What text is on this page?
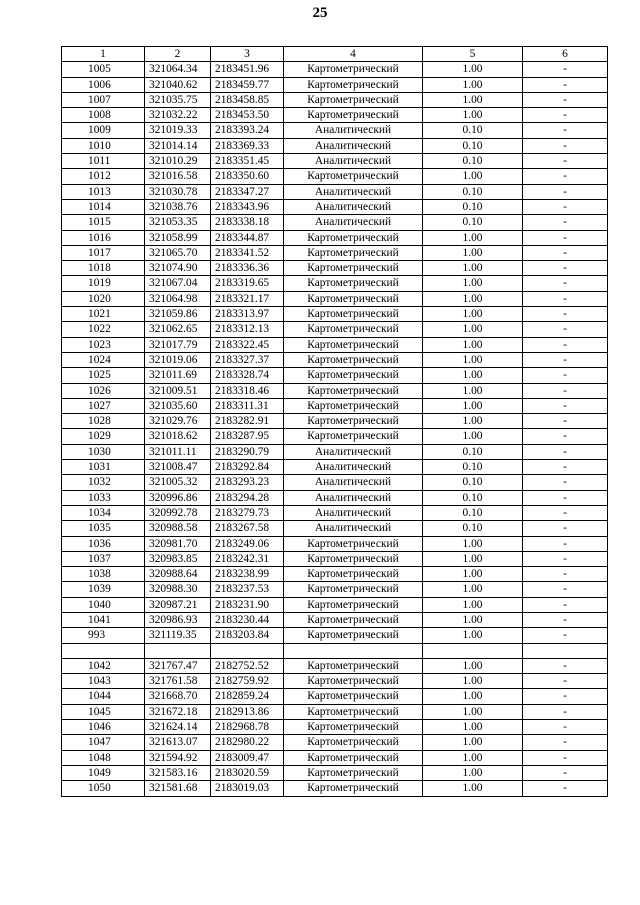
25
1	2	3	4	5	6
1005	321064.34	2183451.96	Картометрический	1.00	-
1006	321040.62	2183459.77	Картометрический	1.00	-
1007	321035.75	2183458.85	Картометрический	1.00	-
1008	321032.22	2183453.50	Картометрический	1.00	-
1009	321019.33	2183393.24	Аналитический	0.10	-
1010	321014.14	2183369.33	Аналитический	0.10	-
1011	321010.29	2183351.45	Аналитический	0.10	-
1012	321016.58	2183350.60	Картометрический	1.00	-
1013	321030.78	2183347.27	Аналитический	0.10	-
1014	321038.76	2183343.96	Аналитический	0.10	-
1015	321053.35	2183338.18	Аналитический	0.10	-
1016	321058.99	2183344.87	Картометрический	1.00	-
1017	321065.70	2183341.52	Картометрический	1.00	-
1018	321074.90	2183336.36	Картометрический	1.00	-
1019	321067.04	2183319.65	Картометрический	1.00	-
1020	321064.98	2183321.17	Картометрический	1.00	-
1021	321059.86	2183313.97	Картометрический	1.00	-
1022	321062.65	2183312.13	Картометрический	1.00	-
1023	321017.79	2183322.45	Картометрический	1.00	-
1024	321019.06	2183327.37	Картометрический	1.00	-
1025	321011.69	2183328.74	Картометрический	1.00	-
1026	321009.51	2183318.46	Картометрический	1.00	-
1027	321035.60	2183311.31	Картометрический	1.00	-
1028	321029.76	2183282.91	Картометрический	1.00	-
1029	321018.62	2183287.95	Картометрический	1.00	-
1030	321011.11	2183290.79	Аналитический	0.10	-
1031	321008.47	2183292.84	Аналитический	0.10	-
1032	321005.32	2183293.23	Аналитический	0.10	-
1033	320996.86	2183294.28	Аналитический	0.10	-
1034	320992.78	2183279.73	Аналитический	0.10	-
1035	320988.58	2183267.58	Аналитический	0.10	-
1036	320981.70	2183249.06	Картометрический	1.00	-
1037	320983.85	2183242.31	Картометрический	1.00	-
1038	320988.64	2183238.99	Картометрический	1.00	-
1039	320988.30	2183237.53	Картометрический	1.00	-
1040	320987.21	2183231.90	Картометрический	1.00	-
1041	320986.93	2183230.44	Картометрический	1.00	-
993	321119.35	2183203.84	Картометрический	1.00	-

1042	321767.47	2182752.52	Картометрический	1.00	-
1043	321761.58	2182759.92	Картометрический	1.00	-
1044	321668.70	2182859.24	Картометрический	1.00	-
1045	321672.18	2182913.86	Картометрический	1.00	-
1046	321624.14	2182968.78	Картометрический	1.00	-
1047	321613.07	2182980.22	Картометрический	1.00	-
1048	321594.92	2183009.47	Картометрический	1.00	-
1049	321583.16	2183020.59	Картометрический	1.00	-
1050	321581.68	2183019.03	Картометрический	1.00	-
